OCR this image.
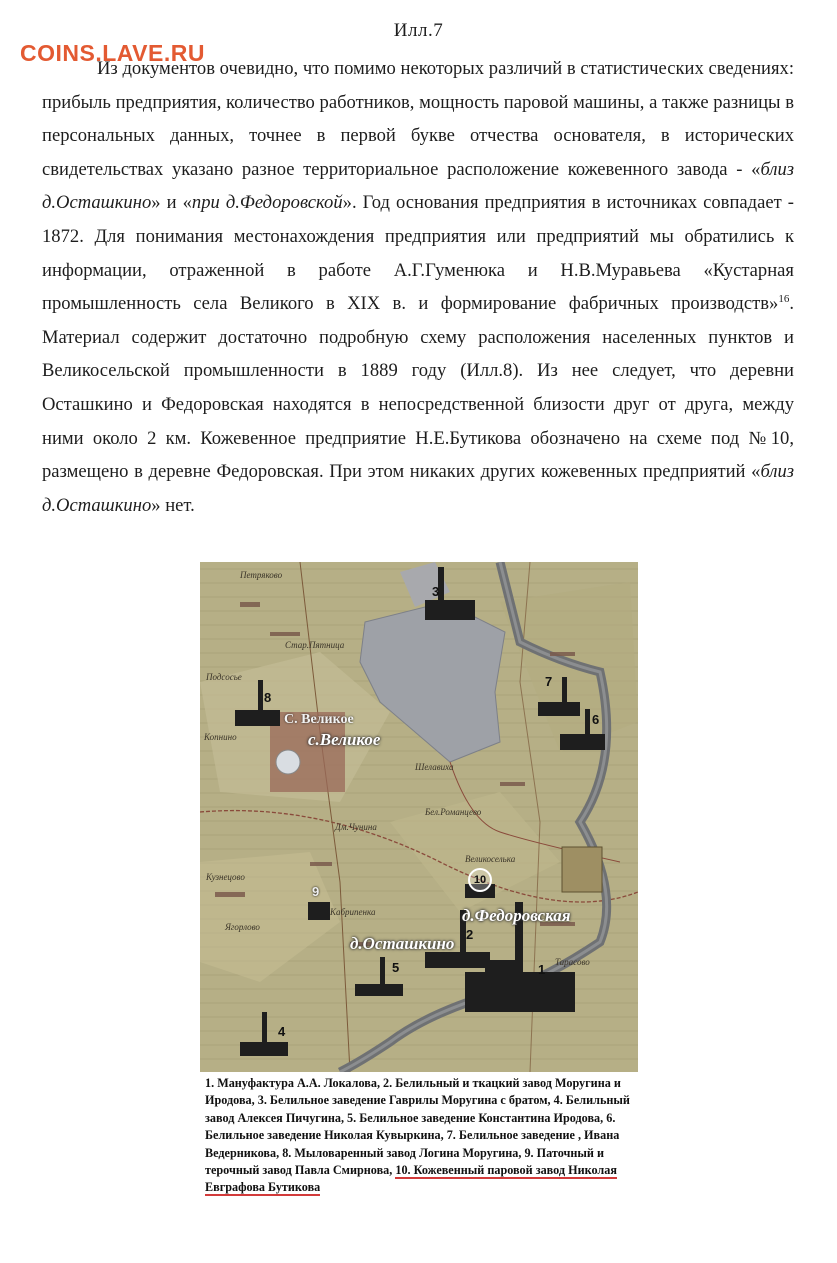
Илл.7
COINS.LAVE.RU

Из документов очевидно, что помимо некоторых различий в статистических сведениях: прибыль предприятия, количество работников, мощность паровой машины, а также разницы в персональных данных, точнее в первой букве отчества основателя, в исторических свидетельствах указано разное территориальное расположение кожевенного завода - «близ д.Осташкино» и «при д.Федоровской». Год основания предприятия в источниках совпадает - 1872. Для понимания местонахождения предприятия или предприятий мы обратились к информации, отраженной в работе А.Г.Гуменюка и Н.В.Муравьева «Кустарная промышленность села Великого в XIX в. и формирование фабричных производств»$^{16}$. Материал содержит достаточно подробную схему расположения населенных пунктов и Великосельской промышленности в 1889 году (Илл.8). Из нее следует, что деревни Осташкино и Федоровская находятся в непосредственной близости друг от друга, между ними около 2 км. Кожевенное предприятие Н.Е.Бутикова обозначено на схеме под №10, размещено в деревне Федоровская. При этом никаких других кожевенных предприятий «близ д.Осташкино» нет.

Петряково
Стар.Пятница
Шелавиха
Кузнецово
Кабрипенка
Подсосье
Копнино
Ягорлово
Тарасово
Дм.Чунина
Бел.Романцево
Великоселька
С. Великое
с.Великое
д.Федоровская
д.Осташкино
1
2
3
4
5
6
7
8
9
10
1. Мануфактура А.А. Локалова, 2. Белильный и ткацкий завод Моругина и Иродова, 3. Белильное заведение Гаврилы Моругина с братом, 4. Белильный завод Алексея Пичугина, 5. Белильное заведение Константина Иродова, 6. Белильное заведение Николая Кувыркина, 7. Белильное заведение , Ивана Ведерникова, 8. Мыловаренный завод Логина Моругина, 9. Паточный и терочный завод Павла Смирнова, 10. Кожевенный паровой завод Николая Евграфова Бутикова
